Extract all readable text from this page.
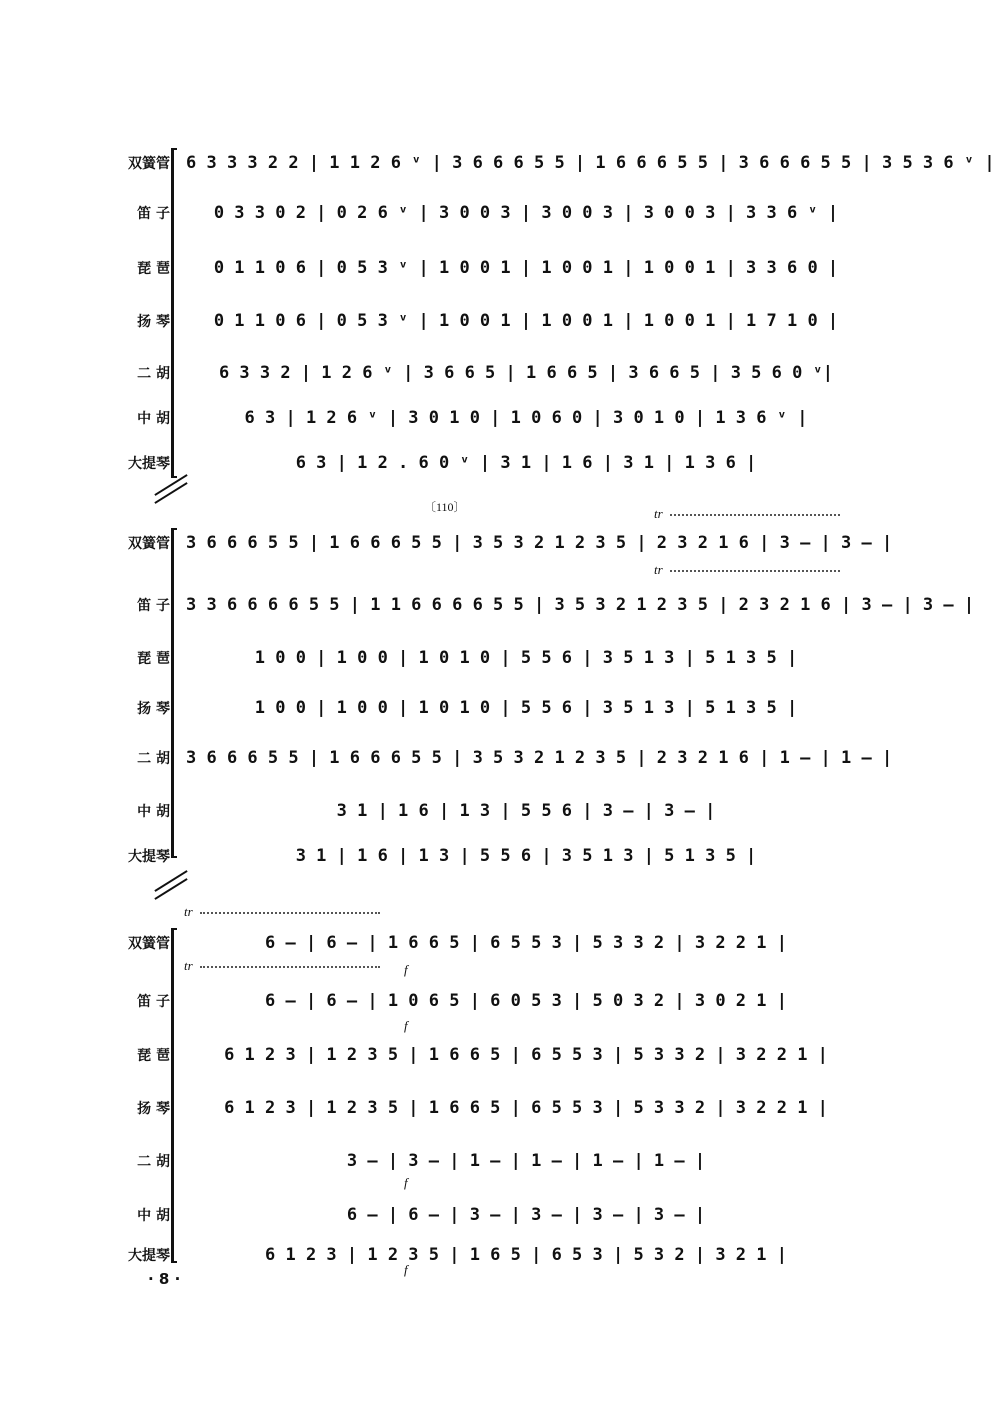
双簧管 6 3 3 3 2 2 | 1 1 2 6 ᵛ | 3 6 6 6 5 5 | 1 6 6 6 5 5 | 3 6 6 6 5 5 | 3 5 3 6 ᵛ |
笛 子	0 3 3 0 2 | 0 2 6 ᵛ | 3 0 0 3 | 3 0 0 3 | 3 0 0 3 | 3 3 6 ᵛ |
琵 琶	0 1 1 0 6 | 0 5 3 ᵛ | 1 0 0 1 | 1 0 0 1 | 1 0 0 1 | 3 3 6 0 |
扬 琴	0 1 1 0 6 | 0 5 3 ᵛ | 1 0 0 1 | 1 0 0 1 | 1 0 0 1 | 1 7 1 0 |
二 胡	6 3 3 2 | 1 2 6 ᵛ | 3 6 6 5 | 1 6 6 5 | 3 6 6 5 | 3 5 6 0 ᵛ|
中 胡	6 3 | 1 2 6 ᵛ | 3 0 1 0 | 1 0 6 0 | 3 0 1 0 | 1 3 6 ᵛ |
大提琴	6 3 | 1 2 . 6 0 ᵛ | 3 1 | 1 6 | 3 1 | 1 3 6 |
〔110〕	tr
tr
双簧管 3 6 6 6 5 5 | 1 6 6 6 5 5 | 3 5 3 2 1 2 3 5 | 2 3 2 1 6 | 3 — | 3 — |
笛 子 3 3 6 6 6 6 5 5 | 1 1 6 6 6 6 5 5 | 3 5 3 2 1 2 3 5 | 2 3 2 1 6 | 3 — | 3 — |
琵 琶	1 0 0 | 1 0 0 | 1 0 1 0 | 5 5 6 | 3 5 1 3 | 5 1 3 5 |
扬 琴	1 0 0 | 1 0 0 | 1 0 1 0 | 5 5 6 | 3 5 1 3 | 5 1 3 5 |
二 胡 3 6 6 6 5 5 | 1 6 6 6 5 5 | 3 5 3 2 1 2 3 5 | 2 3 2 1 6 | 1 — | 1 — |
中 胡	3 1 | 1 6 | 1 3 | 5 5 6 | 3 — | 3 — |
大提琴	3 1 | 1 6 | 1 3 | 5 5 6 | 3 5 1 3 | 5 1 3 5 |
tr
tr	f
f
f
f
双簧管	6 — | 6 — | 1 6 6 5 | 6 5 5 3 | 5 3 3 2 | 3 2 2 1 |
笛 子	6 — | 6 — | 1 0 6 5 | 6 0 5 3 | 5 0 3 2 | 3 0 2 1 |
琵 琶	6 1 2 3 | 1 2 3 5 | 1 6 6 5 | 6 5 5 3 | 5 3 3 2 | 3 2 2 1 |
扬 琴	6 1 2 3 | 1 2 3 5 | 1 6 6 5 | 6 5 5 3 | 5 3 3 2 | 3 2 2 1 |
二 胡	3 — | 3 — | 1 — | 1 — | 1 — | 1 — |
中 胡	6 — | 6 — | 3 — | 3 — | 3 — | 3 — |
大提琴	6 1 2 3 | 1 2 3 5 | 1 6 5 | 6 5 3 | 5 3 2 | 3 2 1 |
· 8 ·
